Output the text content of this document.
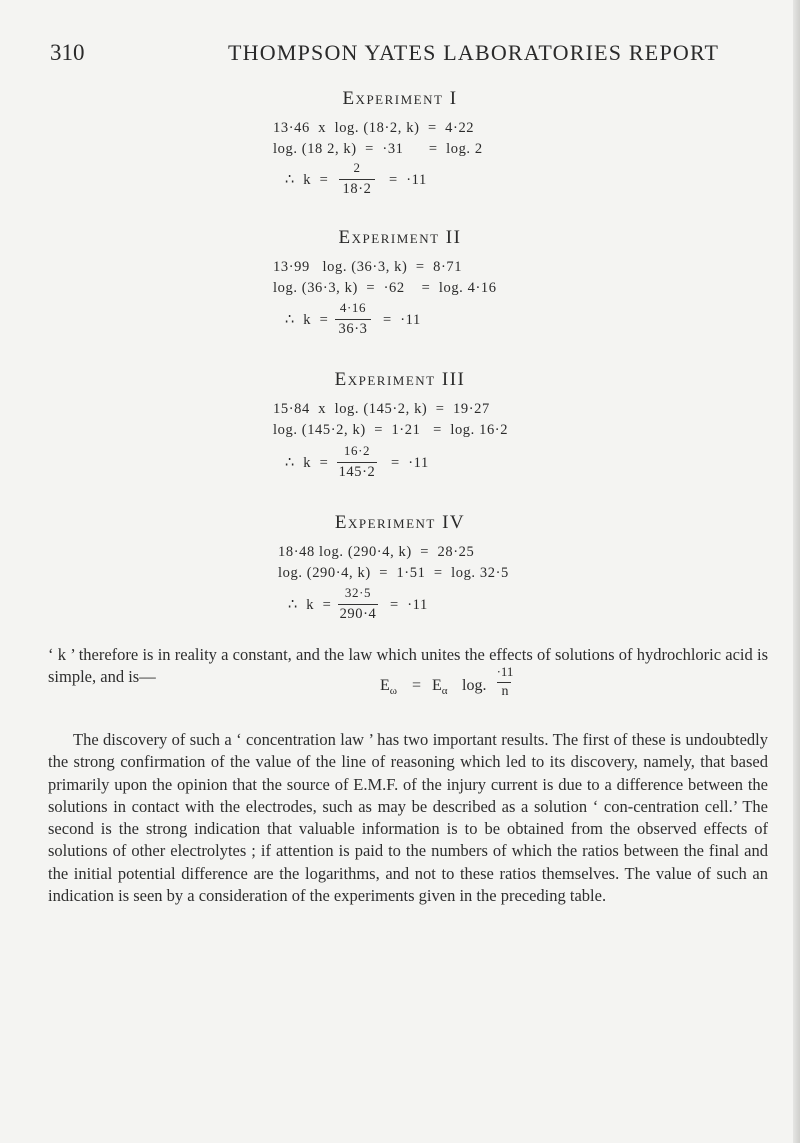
310	THOMPSON YATES LABORATORIES REPORT
Experiment I
13·46  x  log. (18·2, k)  =  4·22
log. (18 2, k)  =  ·31      =  log. 2
∴  k  =
2
18·2
=  ·11
Experiment II
13·99   log. (36·3, k)  =  8·71
log. (36·3, k)  =  ·62    =  log. 4·16
∴  k  =
4·16
36·3
=  ·11
Experiment III
15·84  x  log. (145·2, k)  =  19·27
log. (145·2, k)  =  1·21   =  log. 16·2
∴  k  =
16·2
145·2
=  ·11
Experiment IV
18·48 log. (290·4, k)  =  28·25
log. (290·4, k)  =  1·51  =  log. 32·5
∴  k  =
32·5
290·4
=  ·11
‘ k ’ therefore is in reality a constant, and the law which unites the effects of solutions of hydrochloric acid is simple, and is—	$E_\omega = E_\alpha$ log.
·11
n
The discovery of such a ‘ concentration law ’ has two important results. The first of these is undoubtedly the strong confirmation of the value of the line of reasoning which led to its discovery, namely, that based primarily upon the opinion that the source of E.M.F. of the injury current is due to a difference between the solutions in contact with the electrodes, such as may be described as a solution ‘ con-centration cell.’ The second is the strong indication that valuable information is to be obtained from the observed effects of solutions of other electrolytes ; if attention is paid to the numbers of which the ratios between the final and the initial potential difference are the logarithms, and not to these ratios themselves. The value of such an indication is seen by a consideration of the experiments given in the preceding table.
